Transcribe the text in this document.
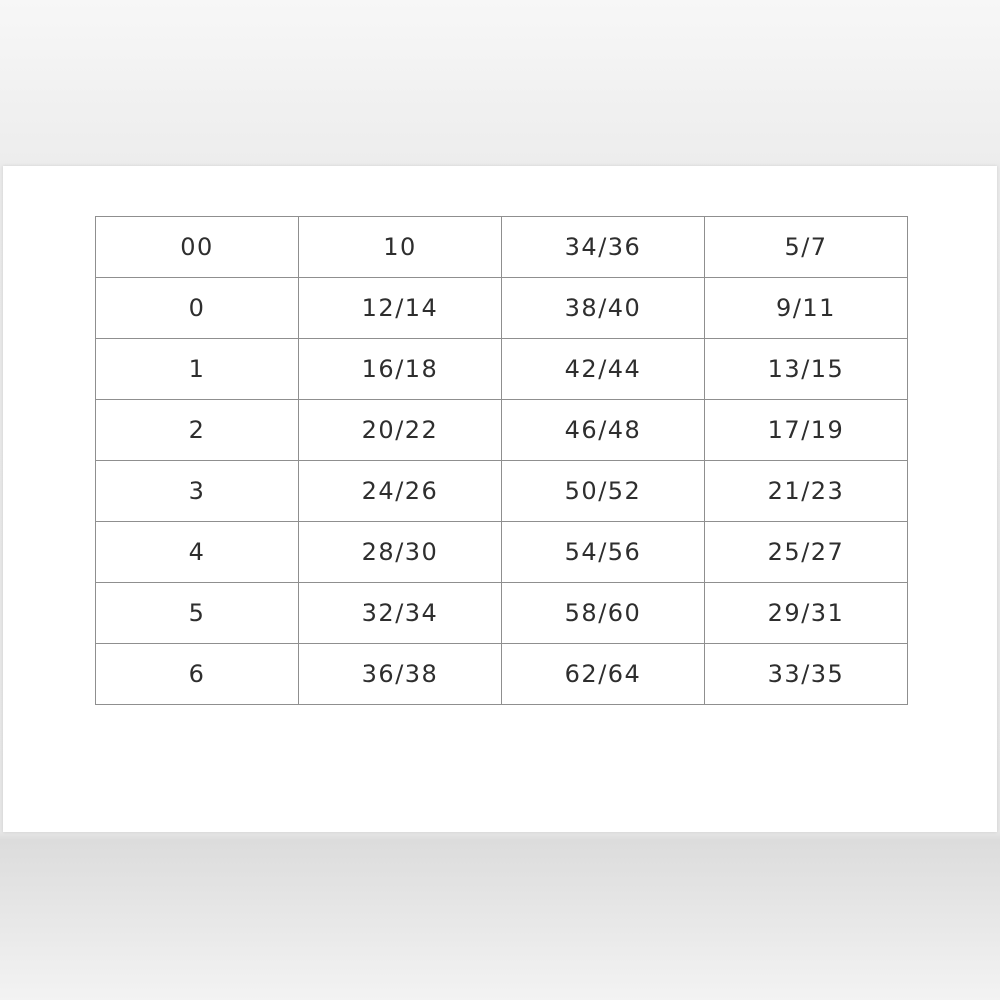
00	10	34/36	5/7
0	12/14	38/40	9/11
1	16/18	42/44	13/15
2	20/22	46/48	17/19
3	24/26	50/52	21/23
4	28/30	54/56	25/27
5	32/34	58/60	29/31
6	36/38	62/64	33/35
